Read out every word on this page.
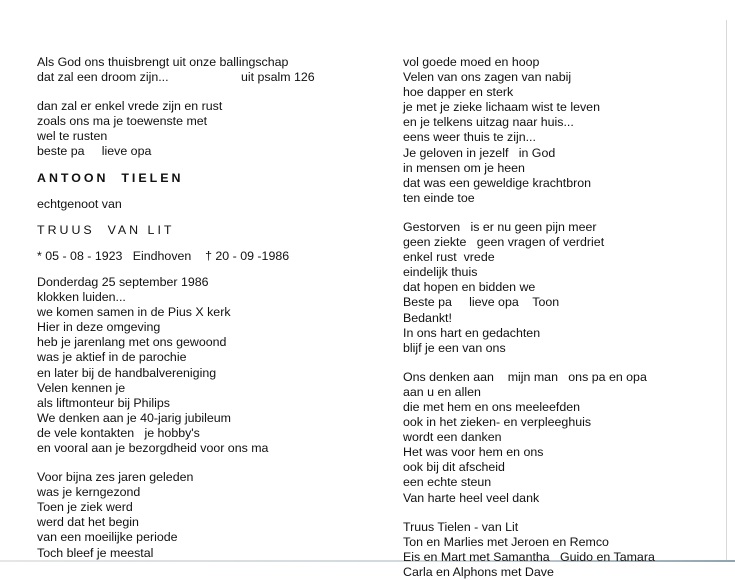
Als God ons thuisbrengt uit onze ballingschap
dat zal een droom zijn...	uit psalm 126
dan zal er enkel vrede zijn en rust
zoals ons ma je toewenste met
wel te rusten
beste pa     lieve opa
ANTOON  TIELEN
echtgenoot van
TRUUS  VAN LIT
* 05 - 08 - 1923   Eindhoven    † 20 - 09 -1986
Donderdag 25 september 1986
klokken luiden...
we komen samen in de Pius X kerk
Hier in deze omgeving
heb je jarenlang met ons gewoond
was je aktief in de parochie
en later bij de handbalvereniging
Velen kennen je
als liftmonteur bij Philips
We denken aan je 40-jarig jubileum
de vele kontakten   je hobby's
en vooral aan je bezorgdheid voor ons ma
Voor bijna zes jaren geleden
was je kerngezond
Toen je ziek werd
werd dat het begin
van een moeilijke periode
Toch bleef je meestal
vol goede moed en hoop
Velen van ons zagen van nabij
hoe dapper en sterk
je met je zieke lichaam wist te leven
en je telkens uitzag naar huis...
eens weer thuis te zijn...
Je geloven in jezelf   in God
in mensen om je heen
dat was een geweldige krachtbron
ten einde toe
Gestorven   is er nu geen pijn meer
geen ziekte   geen vragen of verdriet
enkel rust  vrede
eindelijk thuis
dat hopen en bidden we
Beste pa     lieve opa    Toon
Bedankt!
In ons hart en gedachten
blijf je een van ons
Ons denken aan    mijn man   ons pa en opa
aan u en allen
die met hem en ons meeleefden
ook in het zieken- en verpleeghuis
wordt een danken
Het was voor hem en ons
ook bij dit afscheid
een echte steun
Van harte heel veel dank
Truus Tielen - van Lit
Ton en Marlies met Jeroen en Remco
Eis en Mart met Samantha   Guido en Tamara
Carla en Alphons met Dave
